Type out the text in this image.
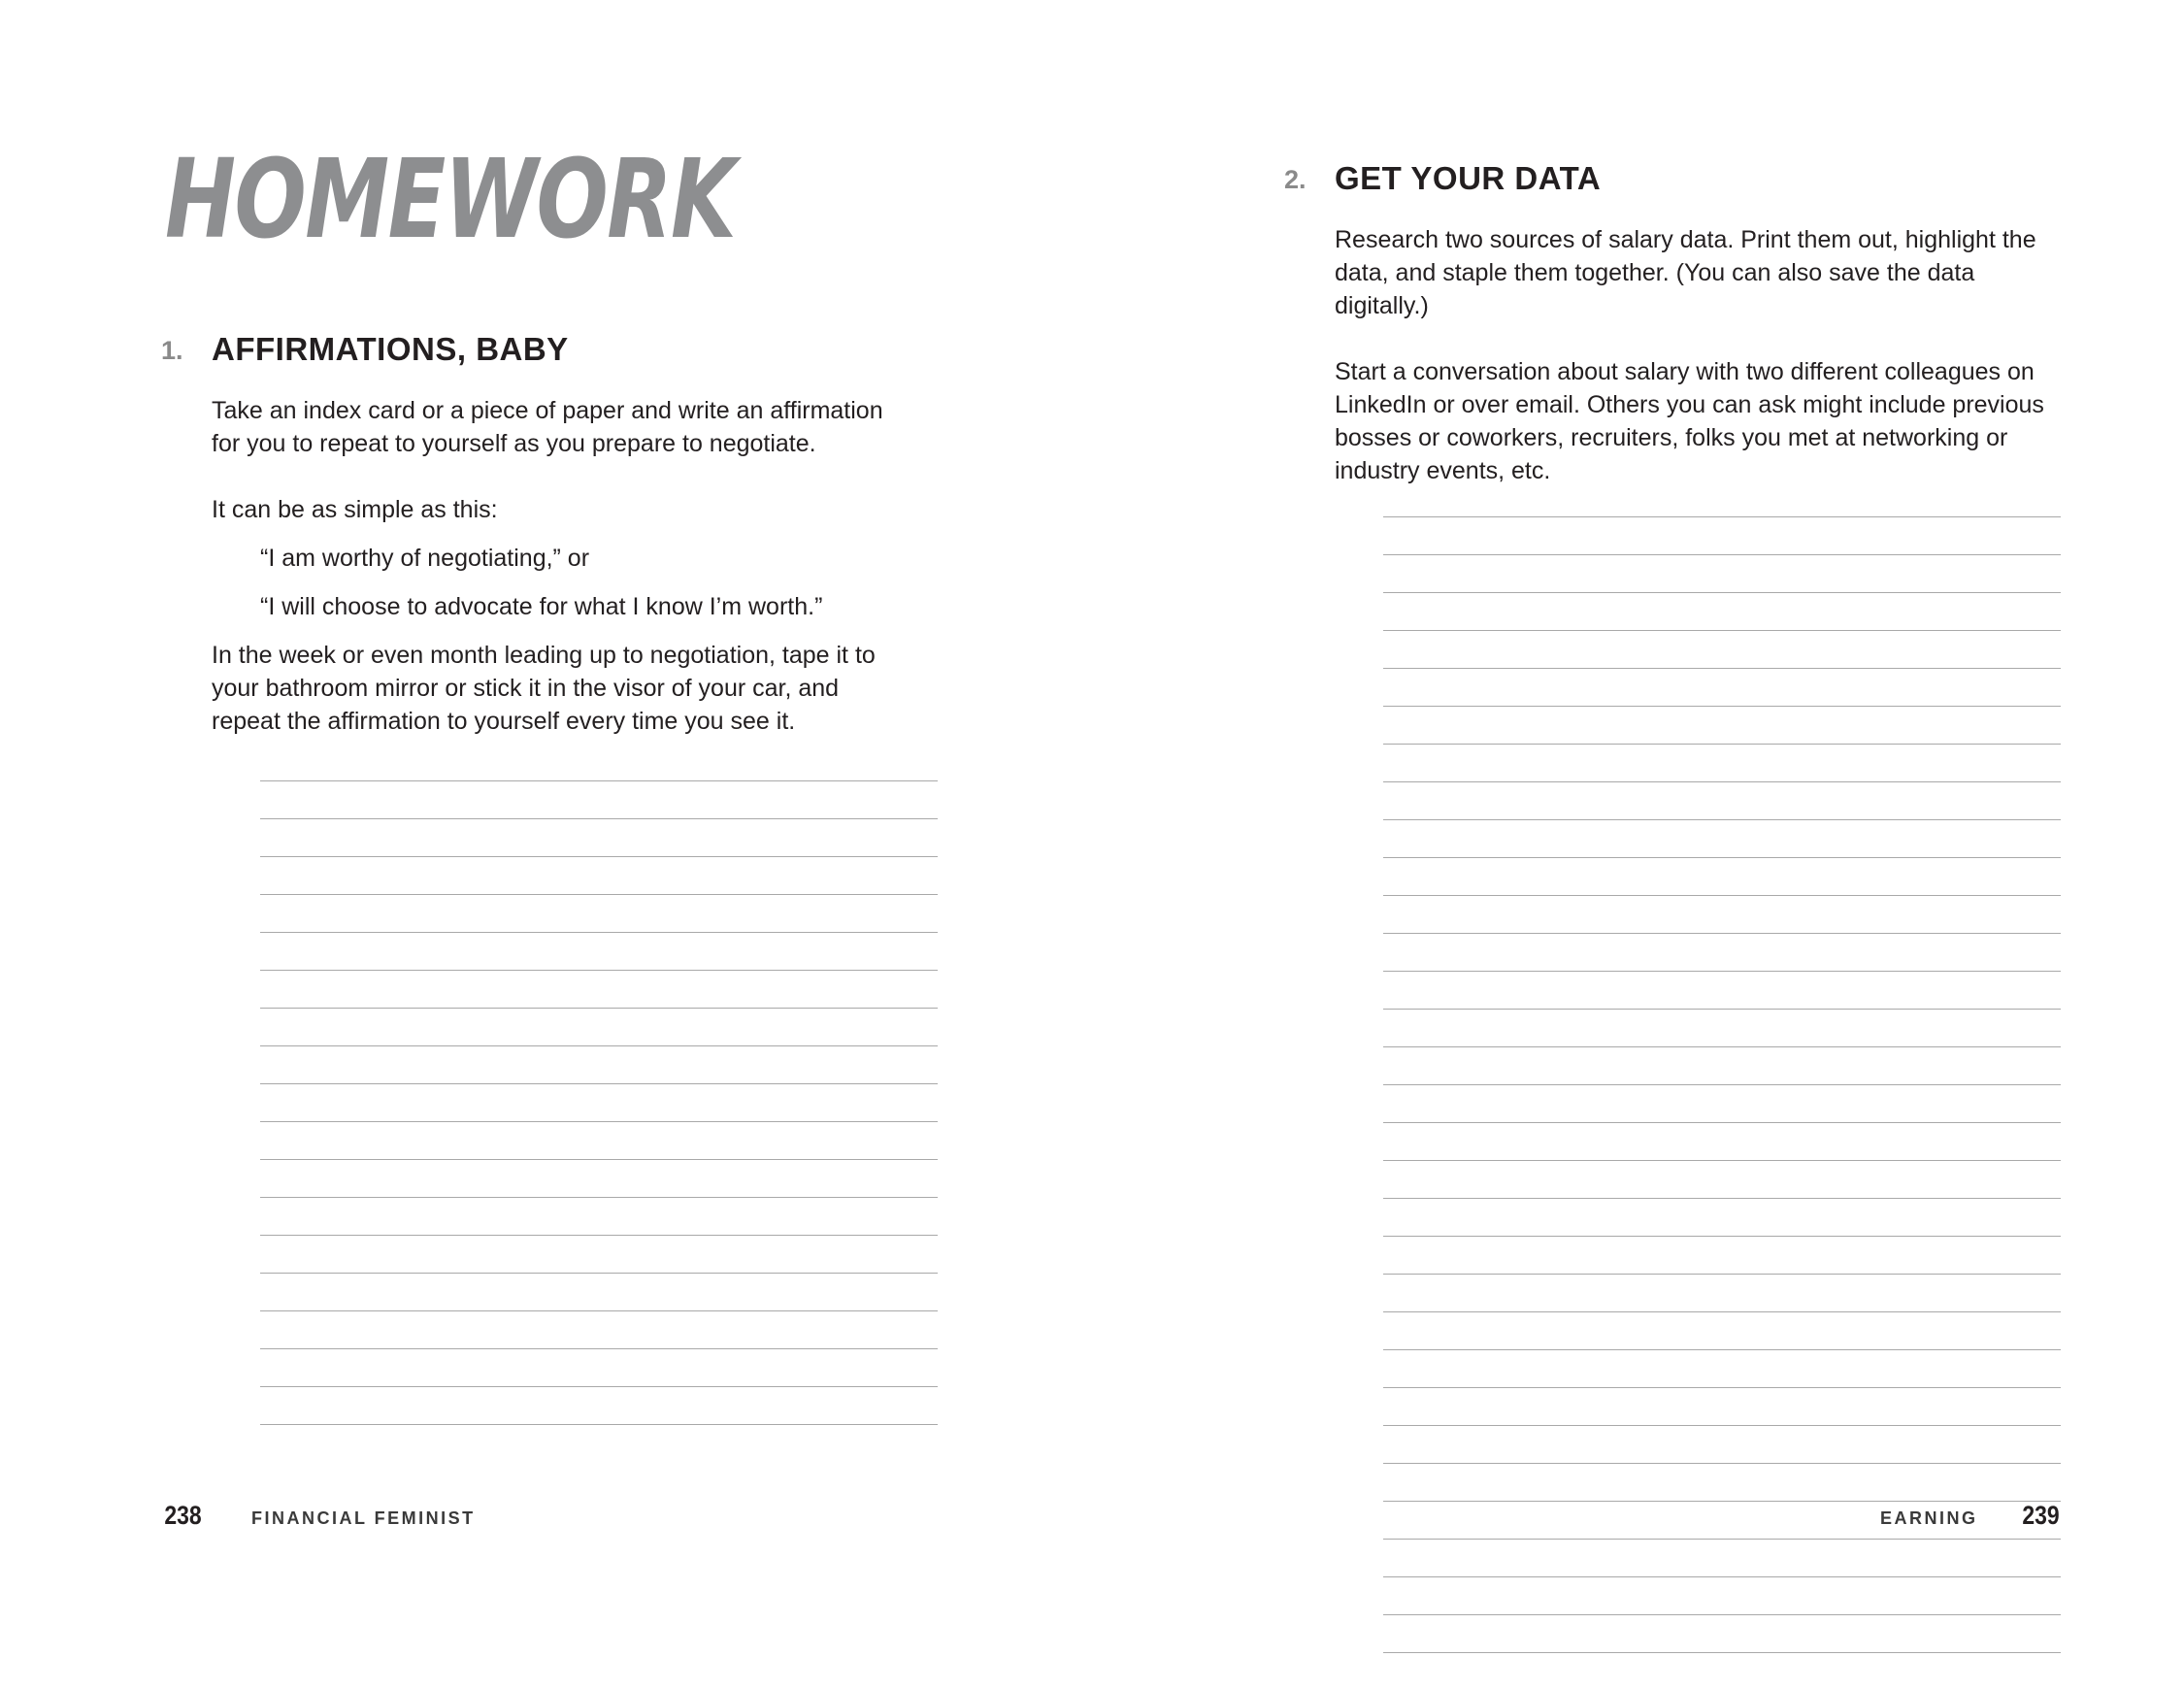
HOMEWORK
1. AFFIRMATIONS, BABY

Take an index card or a piece of paper and write an affirmation for you to repeat to yourself as you prepare to negotiate.

It can be as simple as this:

“I am worthy of negotiating,” or

“I will choose to advocate for what I know I’m worth.”

In the week or even month leading up to negotiation, tape it to your bathroom mirror or stick it in the visor of your car, and repeat the affirmation to yourself every time you see it.

238	FINANCIAL FEMINIST
2. GET YOUR DATA

Research two sources of salary data. Print them out, highlight the data, and staple them together. (You can also save the data digitally.)

Start a conversation about salary with two different colleagues on LinkedIn or over email. Others you can ask might include previous bosses or coworkers, recruiters, folks you met at networking or industry events, etc.

EARNING 239
